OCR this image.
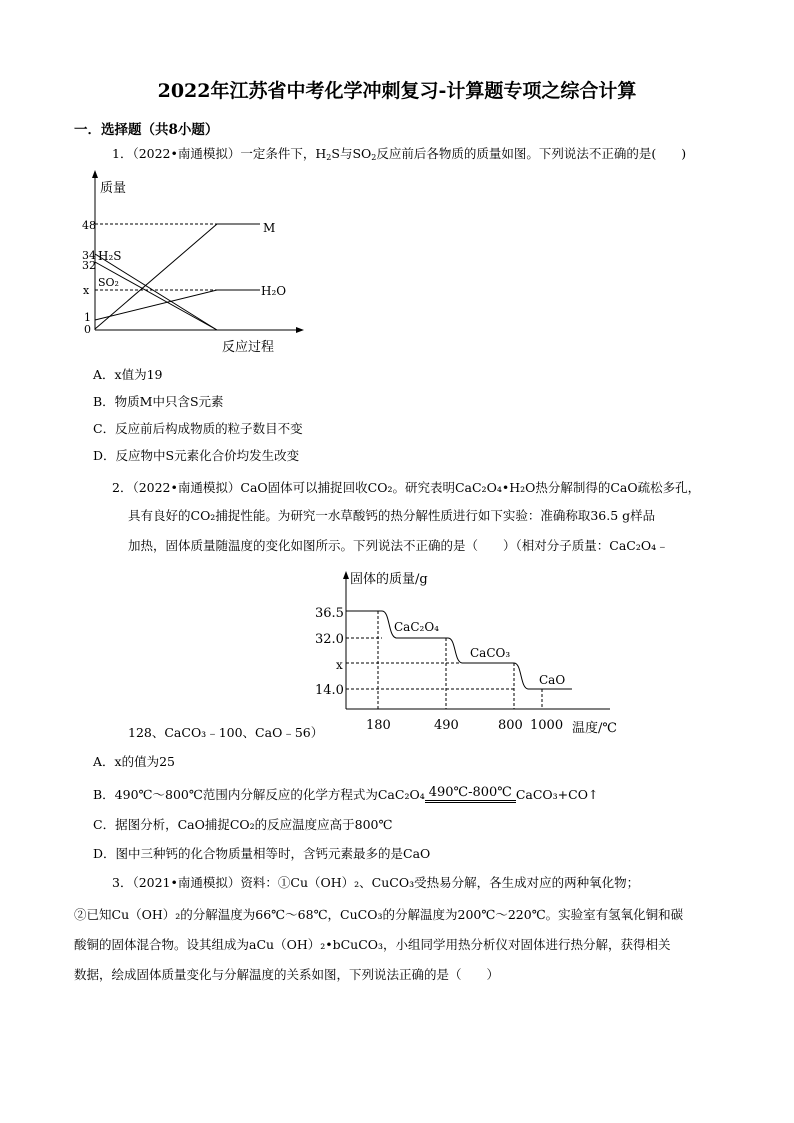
2022年江苏省中考化学冲刺复习-计算题专项之综合计算
一．选择题（共8小题）
1．（2022•南通模拟）一定条件下，$H_2S$与$SO_2$反应前后各物质的质量如图。下列说法不正确的是(　　)
质量
反应过程
48
34
32
x
1
0
M
H₂S
SO₂
H₂O
A．x值为19
B．物质M中只含S元素
C．反应前后构成物质的粒子数目不变
D．反应物中S元素化合价均发生改变
2．（2022•南通模拟）CaO固体可以捕捉回收CO₂。研究表明CaC₂O₄•H₂O热分解制得的CaO疏松多孔，
具有良好的CO₂捕捉性能。为研究一水草酸钙的热分解性质进行如下实验：准确称取36.5 g样品
加热，固体质量随温度的变化如图所示。下列说法不正确的是（　　）（相对分子质量：CaC₂O₄﹣
固体的质量/g
温度/℃
36.5
32.0
x
14.0
180	490	800 1000
CaC₂O₄
CaCO₃
CaO
128、CaCO₃﹣100、CaO﹣56）
A．x的值为25
B．490℃～800℃范围内分解反应的化学方程式为CaC₂O₄ 490℃-800℃ CaCO₃+CO↑
C．据图分析，CaO捕捉CO₂的反应温度应高于800℃
D．图中三种钙的化合物质量相等时，含钙元素最多的是CaO
3．（2021•南通模拟）资料：①Cu（OH）₂、CuCO₃受热易分解，各生成对应的两种氧化物；
②已知Cu（OH）₂的分解温度为66℃～68℃，CuCO₃的分解温度为200℃～220℃。实验室有氢氧化铜和碳
酸铜的固体混合物。设其组成为aCu（OH）₂•bCuCO₃，小组同学用热分析仪对固体进行热分解，获得相关
数据，绘成固体质量变化与分解温度的关系如图，下列说法正确的是（　　）
